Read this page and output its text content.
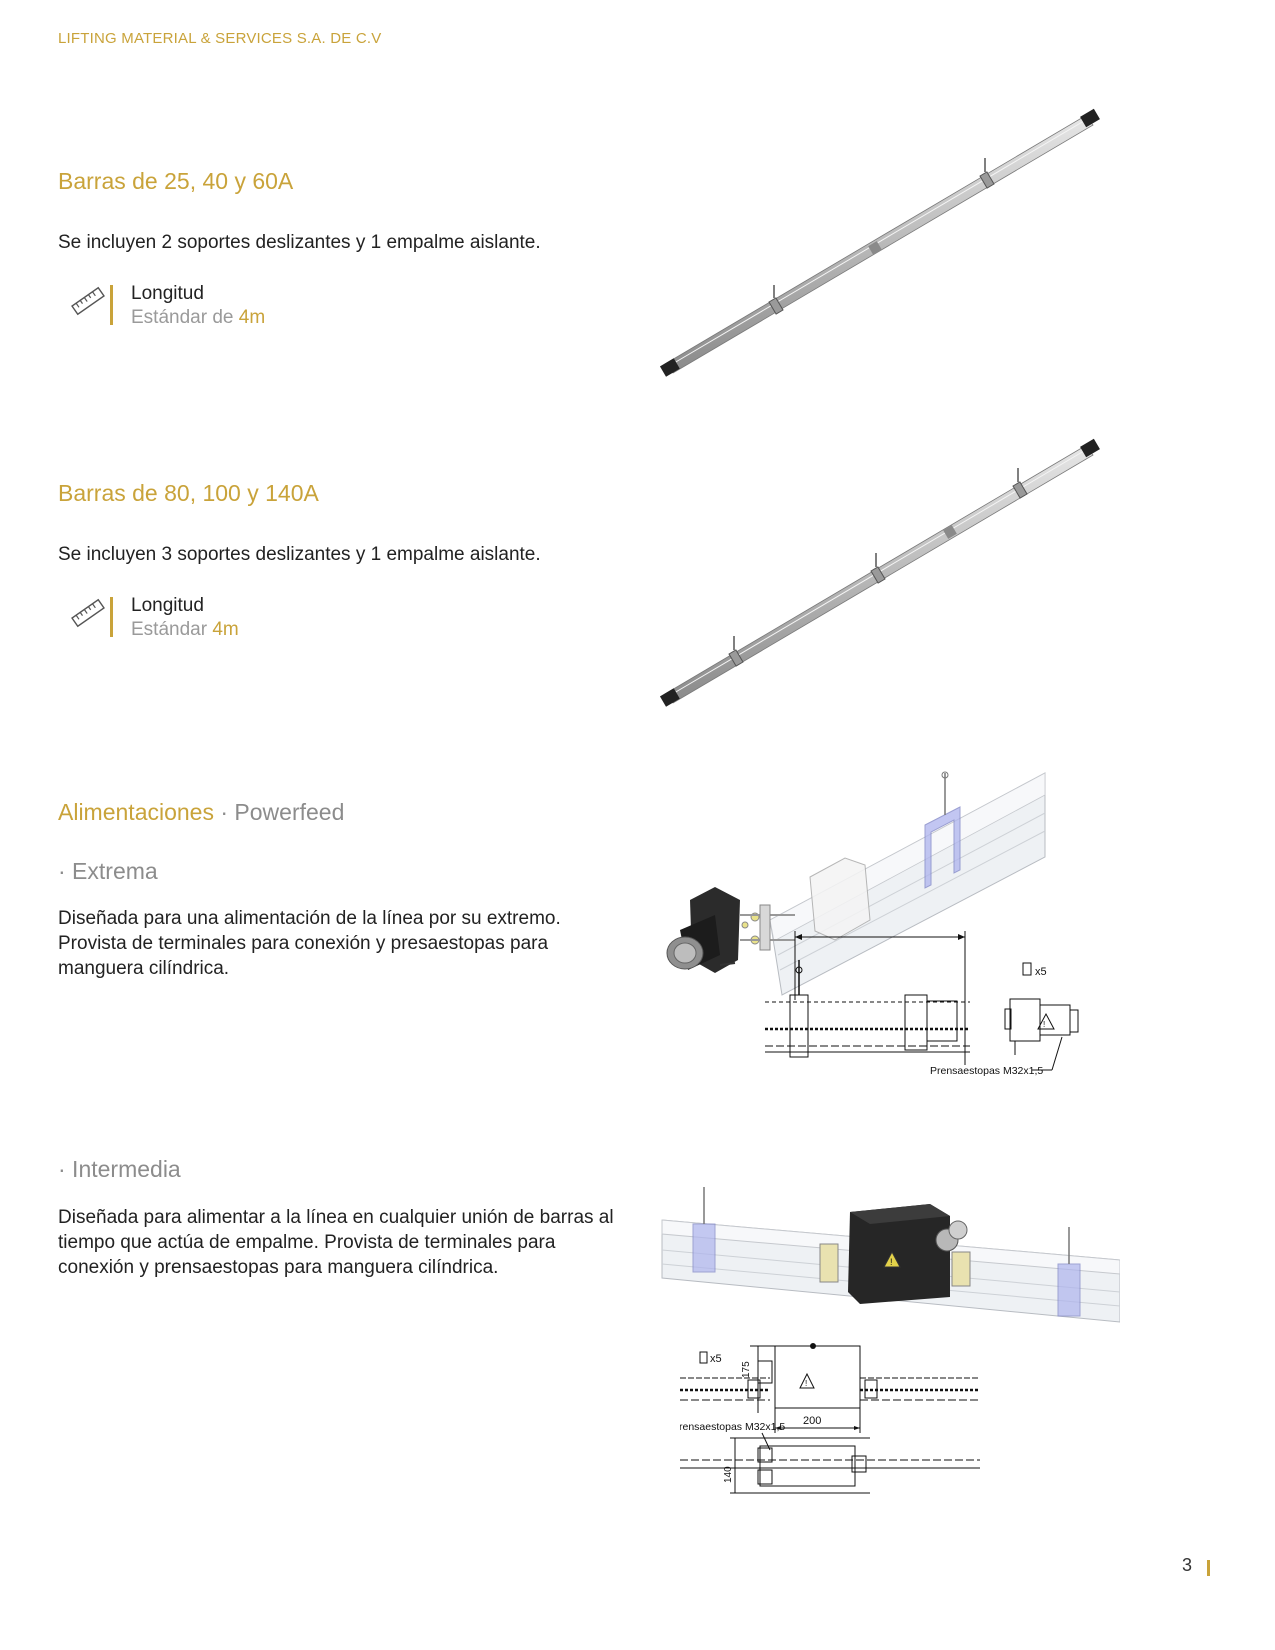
LIFTING MATERIAL & SERVICES S.A. DE C.V
Barras de 25, 40 y 60A
Se incluyen 2 soportes deslizantes y 1 empalme aislante.
Longitud
Estándar de 4m
Barras de 80, 100 y 140A
Se incluyen 3 soportes deslizantes y 1 empalme aislante.
Longitud
Estándar 4m
Alimentaciones · Powerfeed
· Extrema
Diseñada para una alimentación de la línea por su extremo. Provista de terminales para conexión y presaestopas para manguera cilíndrica.	x5
!
Prensaestopas M32x1,5
· Intermedia
Diseñada para alimentar a la línea en cualquier unión de barras al tiempo que actúa de empalme. Provista de terminales para conexión y prensaestopas para manguera cilíndrica.	!
x5
175
!
200
Prensaestopas M32x1,5
140
3
